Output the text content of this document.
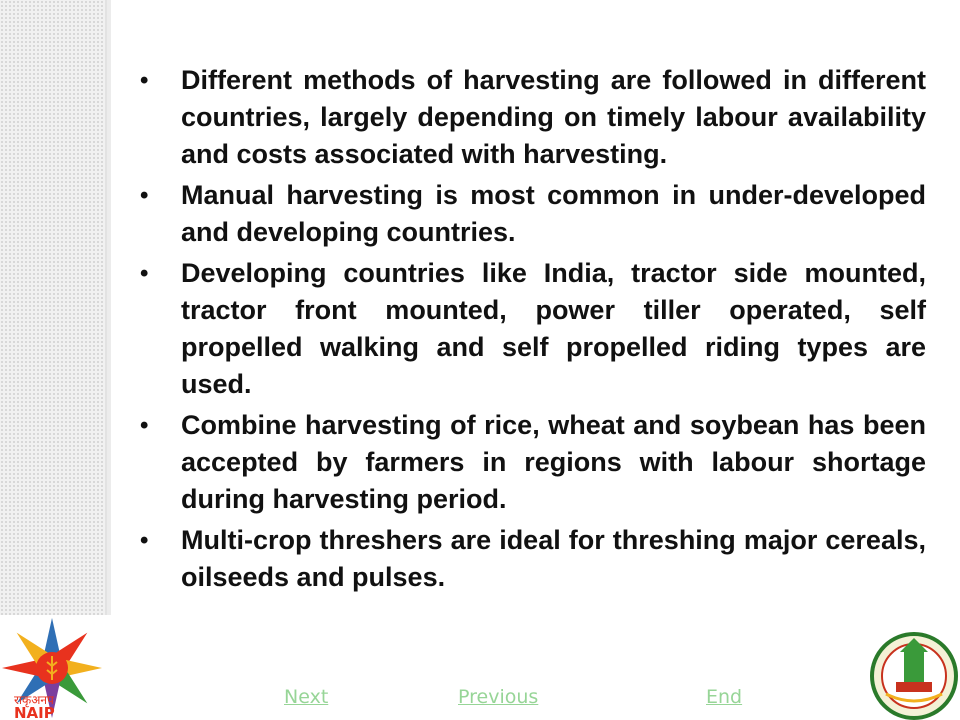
• Different methods of harvesting are followed in different countries, largely depending on timely labour availability and costs associated with harvesting.
• Manual harvesting is most common in under-developed and developing countries.
• Developing countries like India, tractor side mounted, tractor front mounted, power tiller operated, self propelled walking and self propelled riding types are used.
• Combine harvesting of rice, wheat and soybean has been accepted by farmers in regions with labour shortage during harvesting period.
• Multi-crop threshers are ideal for threshing major cereals, oilseeds and pulses.
राकृअनप
NAIP
Next	Previous	End
